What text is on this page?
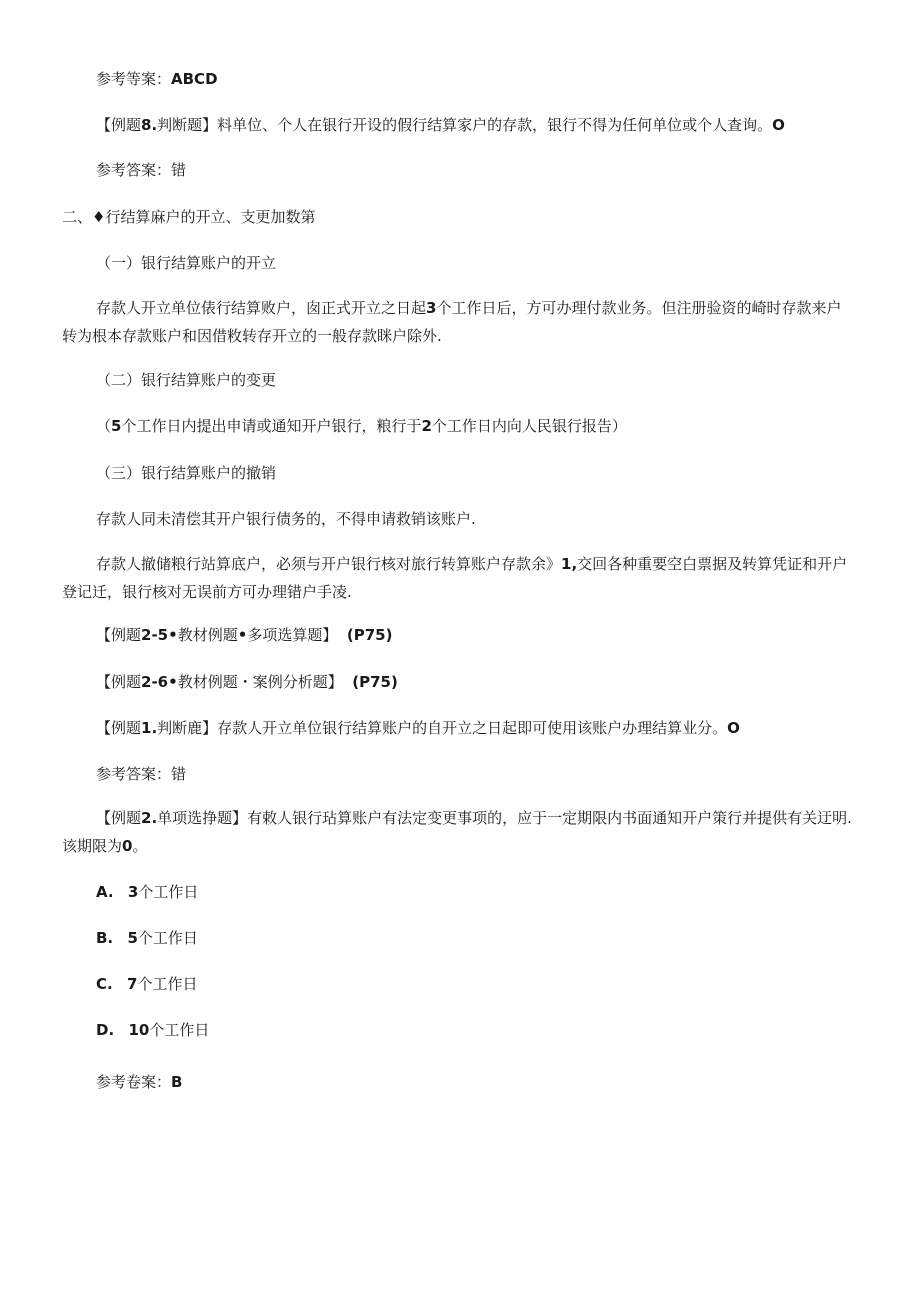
参考等案：ABCD
【例题8.判断题】料单位、个人在银行开设的假行结算家户的存款，银行不得为任何单位或个人查询。O
参考答案：错
二、♦行结算麻户的开立、支更加数第
（一）银行结算账户的开立
存款人开立单位俵行结算败户，囱正式开立之日起3个工作日后，方可办理付款业务。但注册验资的崎时存款来户转为根本存款账户和因借敉转存开立的一般存款眯户除外.
（二）银行结算账户的变更
（5个工作日内提出申请或通知开户银行，粮行于2个工作日内向人民银行报告）
（三）银行结算账户的撤销
存款人同未清偿其开户银行债务的，不得申请救销该账户.
存款人撤储粮行站算底户，必须与开户银行核对旅行转算账户存款余》1,交回各种重要空白票据及转算凭证和开户登记迁，银行核对无误前方可办理错户手凌.
【例题2-5•教材例题•多项选算题】 (P75)
【例题2-6•教材例题・案例分析题】 (P75)
【例题1.判断鹿】存款人开立单位银行结算账户的自开立之日起即可使用该账户办理结算业分。O
参考答案：错
【例题2.单项选挣题】有敕人银行玷算账户有法定变更事项的，应于一定期限内书面通知开户策行并提供有关迂明.该期限为0。
A. 3个工作日
B. 5个工作日
C. 7个工作日
D. 10个工作日
参考卷案：B
